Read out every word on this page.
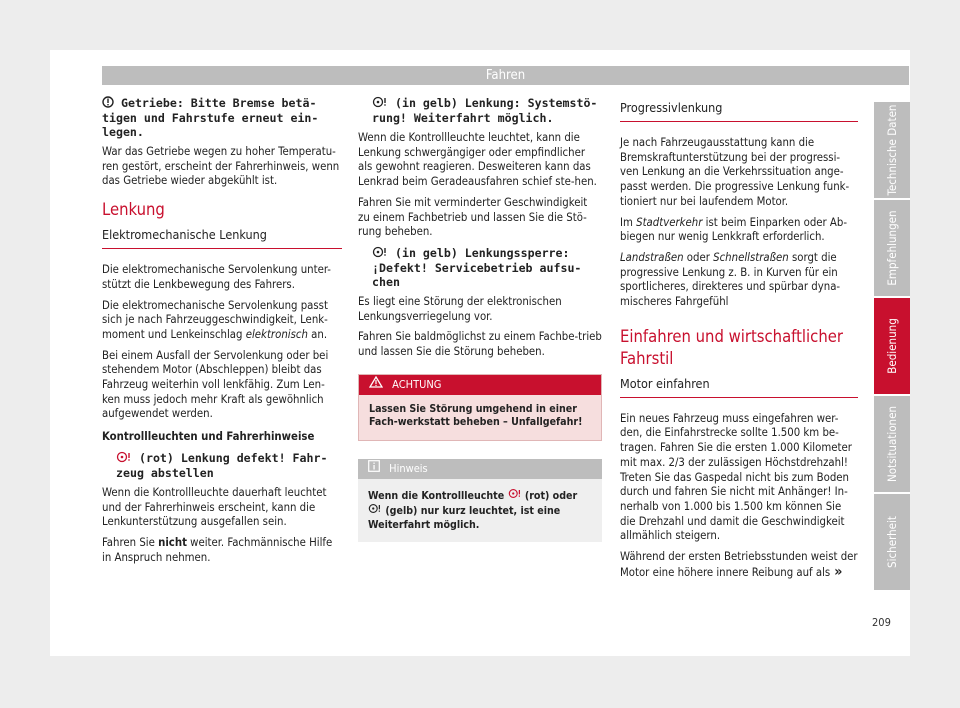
Fahren
Getriebe: Bitte Bremse betä-tigen und Fahrstufe erneut ein-legen.

War das Getriebe wegen zu hoher Temperatu-ren gestört, erscheint der Fahrerhinweis, wenn das Getriebe wieder abgekühlt ist.

Lenkung
Elektromechanische Lenkung

Die elektromechanische Servolenkung unter-stützt die Lenkbewegung des Fahrers.

Die elektromechanische Servolenkung passt sich je nach Fahrzeuggeschwindigkeit, Lenk-moment und Lenkeinschlag elektronisch an.

Bei einem Ausfall der Servolenkung oder bei stehendem Motor (Abschleppen) bleibt das Fahrzeug weiterhin voll lenkfähig. Zum Len-ken muss jedoch mehr Kraft als gewöhnlich aufgewendet werden.

Kontrollleuchten und Fahrerhinweise

(rot) Lenkung defekt! Fahr-zeug abstellen

Wenn die Kontrollleuchte dauerhaft leuchtet und der Fahrerhinweis erscheint, kann die Lenkunterstützung ausgefallen sein.

Fahren Sie nicht weiter. Fachmännische Hilfe in Anspruch nehmen.

(in gelb) Lenkung: Systemstö-rung! Weiterfahrt möglich.

Wenn die Kontrollleuchte leuchtet, kann die Lenkung schwergängiger oder empfindlicher als gewohnt reagieren. Desweiteren kann das Lenkrad beim Geradeausfahren schief ste-hen.

Fahren Sie mit verminderter Geschwindigkeit zu einem Fachbetrieb und lassen Sie die Stö-rung beheben.

(in gelb) Lenkungssperre: ¡Defekt! Servicebetrieb aufsu-chen

Es liegt eine Störung der elektronischen Lenkungsverriegelung vor.

Fahren Sie baldmöglichst zu einem Fachbe-trieb und lassen Sie die Störung beheben.

ACHTUNG
Lassen Sie Störung umgehend in einer Fach-werkstatt beheben – Unfallgefahr!
Hinweis
Wenn die Kontrollleuchte  (rot) oder  (gelb) nur kurz leuchtet, ist eine Weiterfahrt möglich.
Progressivlenkung

Je nach Fahrzeugausstattung kann die Bremskraftunterstützung bei der progressi-ven Lenkung an die Verkehrssituation ange-passt werden. Die progressive Lenkung funk-tioniert nur bei laufendem Motor.

Im Stadtverkehr ist beim Einparken oder Ab-biegen nur wenig Lenkkraft erforderlich.

Landstraßen oder Schnellstraßen sorgt die progressive Lenkung z. B. in Kurven für ein sportlicheres, direkteres und spürbar dyna-mischeres Fahrgefühl

Einfahren und wirtschaftlicher Fahrstil
Motor einfahren

Ein neues Fahrzeug muss eingefahren wer-den, die Einfahrstrecke sollte 1.500 km be-tragen. Fahren Sie die ersten 1.000 Kilometer mit max. 2/3 der zulässigen Höchstdrehzahl! Treten Sie das Gaspedal nicht bis zum Boden durch und fahren Sie nicht mit Anhänger! In-nerhalb von 1.000 bis 1.500 km können Sie die Drehzahl und damit die Geschwindigkeit allmählich steigern.

Während der ersten Betriebsstunden weist der Motor eine höhere innere Reibung auf als »

Technische Daten
Empfehlungen
Bedienung
Notsituationen
Sicherheit
209
